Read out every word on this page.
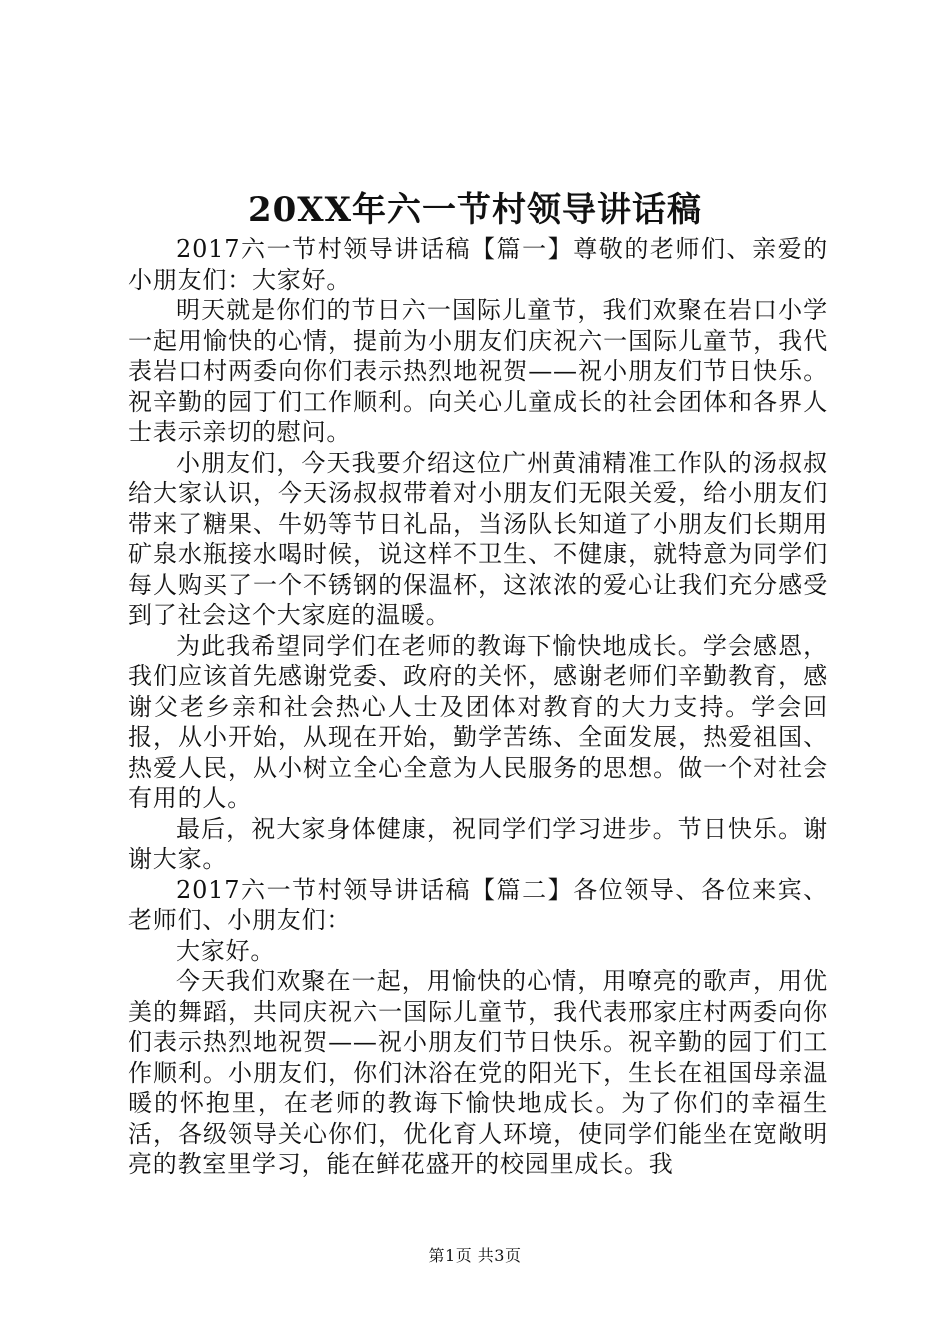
20XX年六一节村领导讲话稿

2017六一节村领导讲话稿【篇一】尊敬的老师们、亲爱的小朋友们：大家好。

明天就是你们的节日六一国际儿童节，我们欢聚在岩口小学一起用愉快的心情，提前为小朋友们庆祝六一国际儿童节，我代表岩口村两委向你们表示热烈地祝贺——祝小朋友们节日快乐。祝辛勤的园丁们工作顺利。向关心儿童成长的社会团体和各界人士表示亲切的慰问。

小朋友们，今天我要介绍这位广州黄浦精准工作队的汤叔叔给大家认识，今天汤叔叔带着对小朋友们无限关爱，给小朋友们带来了糖果、牛奶等节日礼品，当汤队长知道了小朋友们长期用矿泉水瓶接水喝时候，说这样不卫生、不健康，就特意为同学们每人购买了一个不锈钢的保温杯，这浓浓的爱心让我们充分感受到了社会这个大家庭的温暖。

为此我希望同学们在老师的教诲下愉快地成长。学会感恩，我们应该首先感谢党委、政府的关怀，感谢老师们辛勤教育，感谢父老乡亲和社会热心人士及团体对教育的大力支持。学会回报，从小开始，从现在开始，勤学苦练、全面发展，热爱祖国、热爱人民，从小树立全心全意为人民服务的思想。做一个对社会有用的人。

最后，祝大家身体健康，祝同学们学习进步。节日快乐。谢谢大家。

2017六一节村领导讲话稿【篇二】各位领导、各位来宾、老师们、小朋友们：

大家好。

今天我们欢聚在一起，用愉快的心情，用嘹亮的歌声，用优美的舞蹈，共同庆祝六一国际儿童节，我代表邢家庄村两委向你们表示热烈地祝贺——祝小朋友们节日快乐。祝辛勤的园丁们工作顺利。小朋友们，你们沐浴在党的阳光下，生长在祖国母亲温暖的怀抱里，在老师的教诲下愉快地成长。为了你们的幸福生活，各级领导关心你们，优化育人环境，使同学们能坐在宽敞明亮的教室里学习，能在鲜花盛开的校园里成长。我

第1页 共3页
